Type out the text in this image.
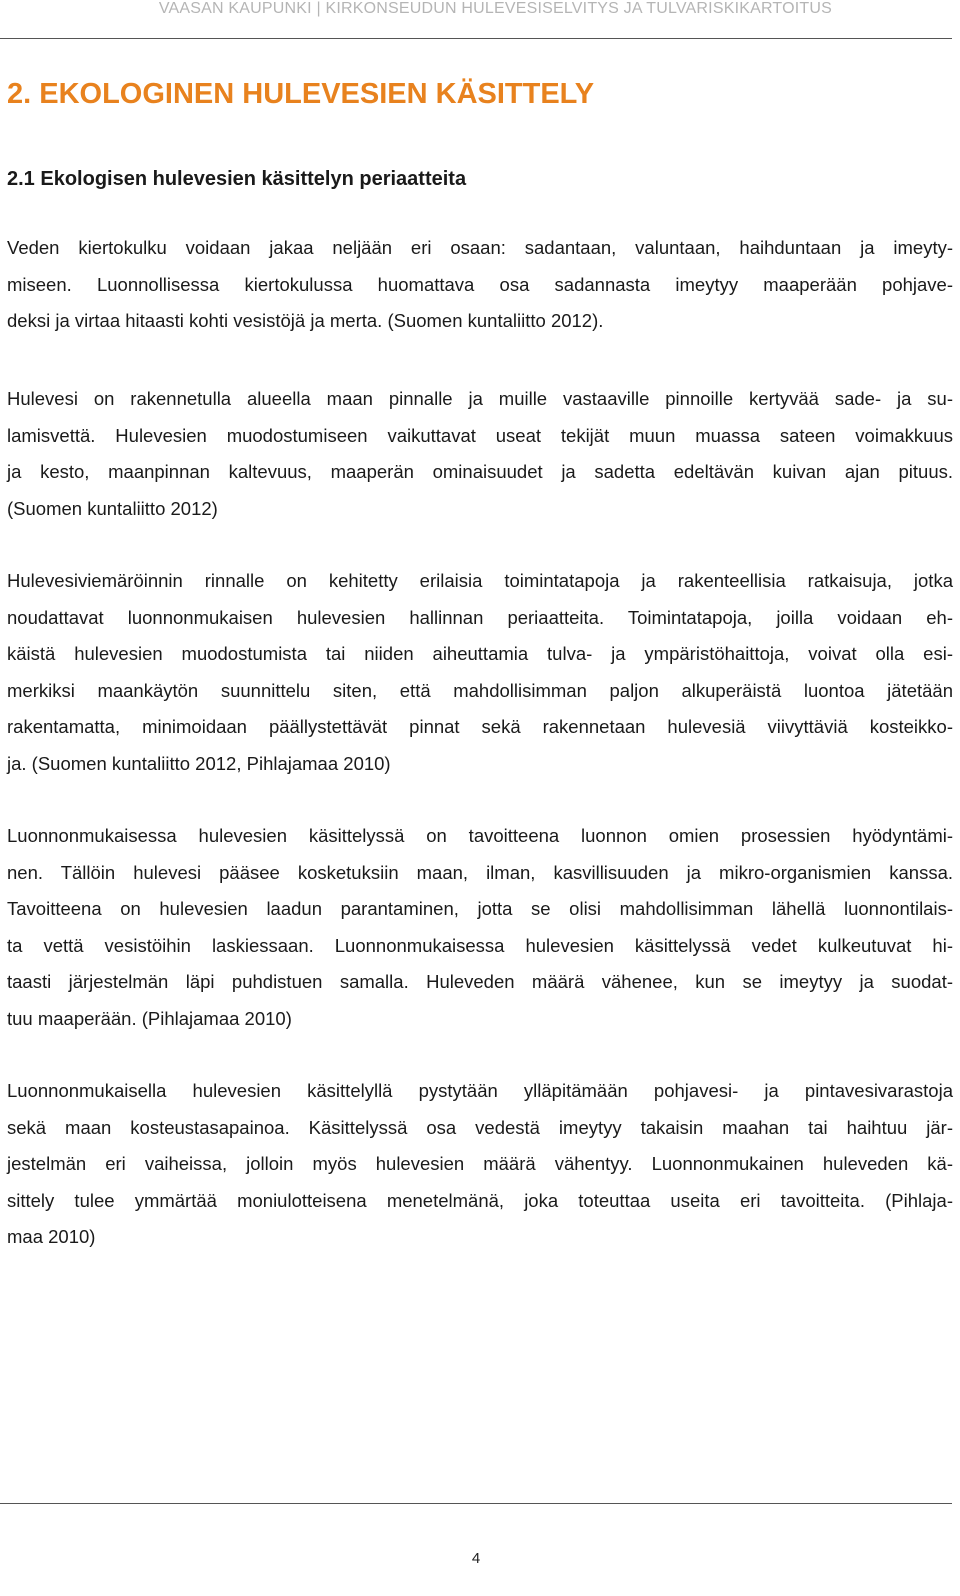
VAASAN KAUPUNKI | KIRKONSEUDUN HULEVESISELVITYS JA TULVARISKIKARTOITUS
2. EKOLOGINEN HULEVESIEN KÄSITTELY
2.1 Ekologisen hulevesien käsittelyn periaatteita
Veden kiertokulku voidaan jakaa neljään eri osaan: sadantaan, valuntaan, haihduntaan ja imeyty-
miseen. Luonnollisessa kiertokulussa huomattava osa sadannasta imeytyy maaperään pohjave-
deksi ja virtaa hitaasti kohti vesistöjä ja merta. (Suomen kuntaliitto 2012).
Hulevesi on rakennetulla alueella maan pinnalle ja muille vastaaville pinnoille kertyvää sade- ja su-
lamisvettä. Hulevesien muodostumiseen vaikuttavat useat tekijät muun muassa sateen voimakkuus
ja kesto, maanpinnan kaltevuus, maaperän ominaisuudet ja sadetta edeltävän kuivan ajan pituus.
(Suomen kuntaliitto 2012)
Hulevesiviemäröinnin rinnalle on kehitetty erilaisia toimintatapoja ja rakenteellisia ratkaisuja, jotka
noudattavat luonnonmukaisen hulevesien hallinnan periaatteita. Toimintatapoja, joilla voidaan eh-
käistä hulevesien muodostumista tai niiden aiheuttamia tulva- ja ympäristöhaittoja, voivat olla esi-
merkiksi maankäytön suunnittelu siten, että mahdollisimman paljon alkuperäistä luontoa jätetään
rakentamatta, minimoidaan päällystettävät pinnat sekä rakennetaan hulevesiä viivyttäviä kosteikko-
ja. (Suomen kuntaliitto 2012, Pihlajamaa 2010)
Luonnonmukaisessa hulevesien käsittelyssä on tavoitteena luonnon omien prosessien hyödyntämi-
nen. Tällöin hulevesi pääsee kosketuksiin maan, ilman, kasvillisuuden ja mikro-organismien kanssa.
Tavoitteena on hulevesien laadun parantaminen, jotta se olisi mahdollisimman lähellä luonnontilais-
ta vettä vesistöihin laskiessaan. Luonnonmukaisessa hulevesien käsittelyssä vedet kulkeutuvat hi-
taasti järjestelmän läpi puhdistuen samalla. Huleveden määrä vähenee, kun se imeytyy ja suodat-
tuu maaperään. (Pihlajamaa 2010)
Luonnonmukaisella hulevesien käsittelyllä pystytään ylläpitämään pohjavesi- ja pintavesivarastoja
sekä maan kosteustasapainoa. Käsittelyssä osa vedestä imeytyy takaisin maahan tai haihtuu jär-
jestelmän eri vaiheissa, jolloin myös hulevesien määrä vähentyy. Luonnonmukainen huleveden kä-
sittely tulee ymmärtää moniulotteisena menetelmänä, joka toteuttaa useita eri tavoitteita. (Pihlaja-
maa 2010)
4
